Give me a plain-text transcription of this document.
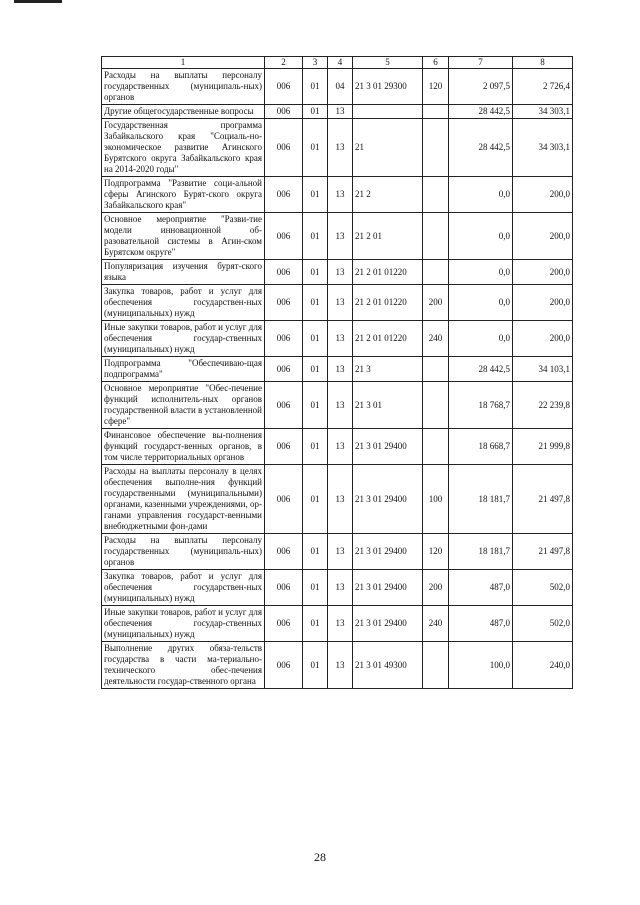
1	2	3	4	5	6	7	8
Расходы на выплаты персоналу государственных (муниципаль-ных) органов	006	01	04	21 3 01 29300	120	2 097,5	2 726,4
Другие общегосударственные вопросы	006	01	13			28 442,5	34 303,1
Государственная программа Забайкальского края "Социаль-но-экономическое развитие Агинского Бурятского округа Забайкальского края на 2014-2020 годы"	006	01	13	21		28 442,5	34 303,1
Подпрограмма "Развитие соци-альной сферы Агинского Бурят-ского округа Забайкальского края"	006	01	13	21 2		0,0	200,0
Основное мероприятие "Разви-тие модели инновационной об-разовательной системы в Агин-ском Бурятском округе"	006	01	13	21 2 01		0,0	200,0
Популяризация изучения бурят-ского языка	006	01	13	21 2 01 01220		0,0	200,0
Закупка товаров, работ и услуг для обеспечения государствен-ных (муниципальных) нужд	006	01	13	21 2 01 01220	200	0,0	200,0
Иные закупки товаров, работ и услуг для обеспечения государ-ственных (муниципальных) нужд	006	01	13	21 2 01 01220	240	0,0	200,0
Подпрограмма "Обеспечиваю-щая подпрограмма"	006	01	13	21 3		28 442,5	34 103,1
Основное мероприятие "Обес-печение функций исполнитель-ных органов государственной власти в установленной сфере"	006	01	13	21 3 01		18 768,7	22 239,8
Финансовое обеспечение вы-полнения функций государст-венных органов, в том числе территориальных органов	006	01	13	21 3 01 29400		18 668,7	21 999,8
Расходы на выплаты персоналу в целях обеспечения выполне-ния функций государственными (муниципальными) органами, казенными учреждениями, ор-ганами управления государст-венными внебюджетными фон-дами	006	01	13	21 3 01 29400	100	18 181,7	21 497,8
Расходы на выплаты персоналу государственных (муниципаль-ных) органов	006	01	13	21 3 01 29400	120	18 181,7	21 497,8
Закупка товаров, работ и услуг для обеспечения государствен-ных (муниципальных) нужд	006	01	13	21 3 01 29400	200	487,0	502,0
Иные закупки товаров, работ и услуг для обеспечения государ-ственных (муниципальных) нужд	006	01	13	21 3 01 29400	240	487,0	502,0
Выполнение других обяза-тельств государства в части ма-териально-технического обес-печения деятельности государ-ственного органа	006	01	13	21 3 01 49300		100,0	240,0
28
